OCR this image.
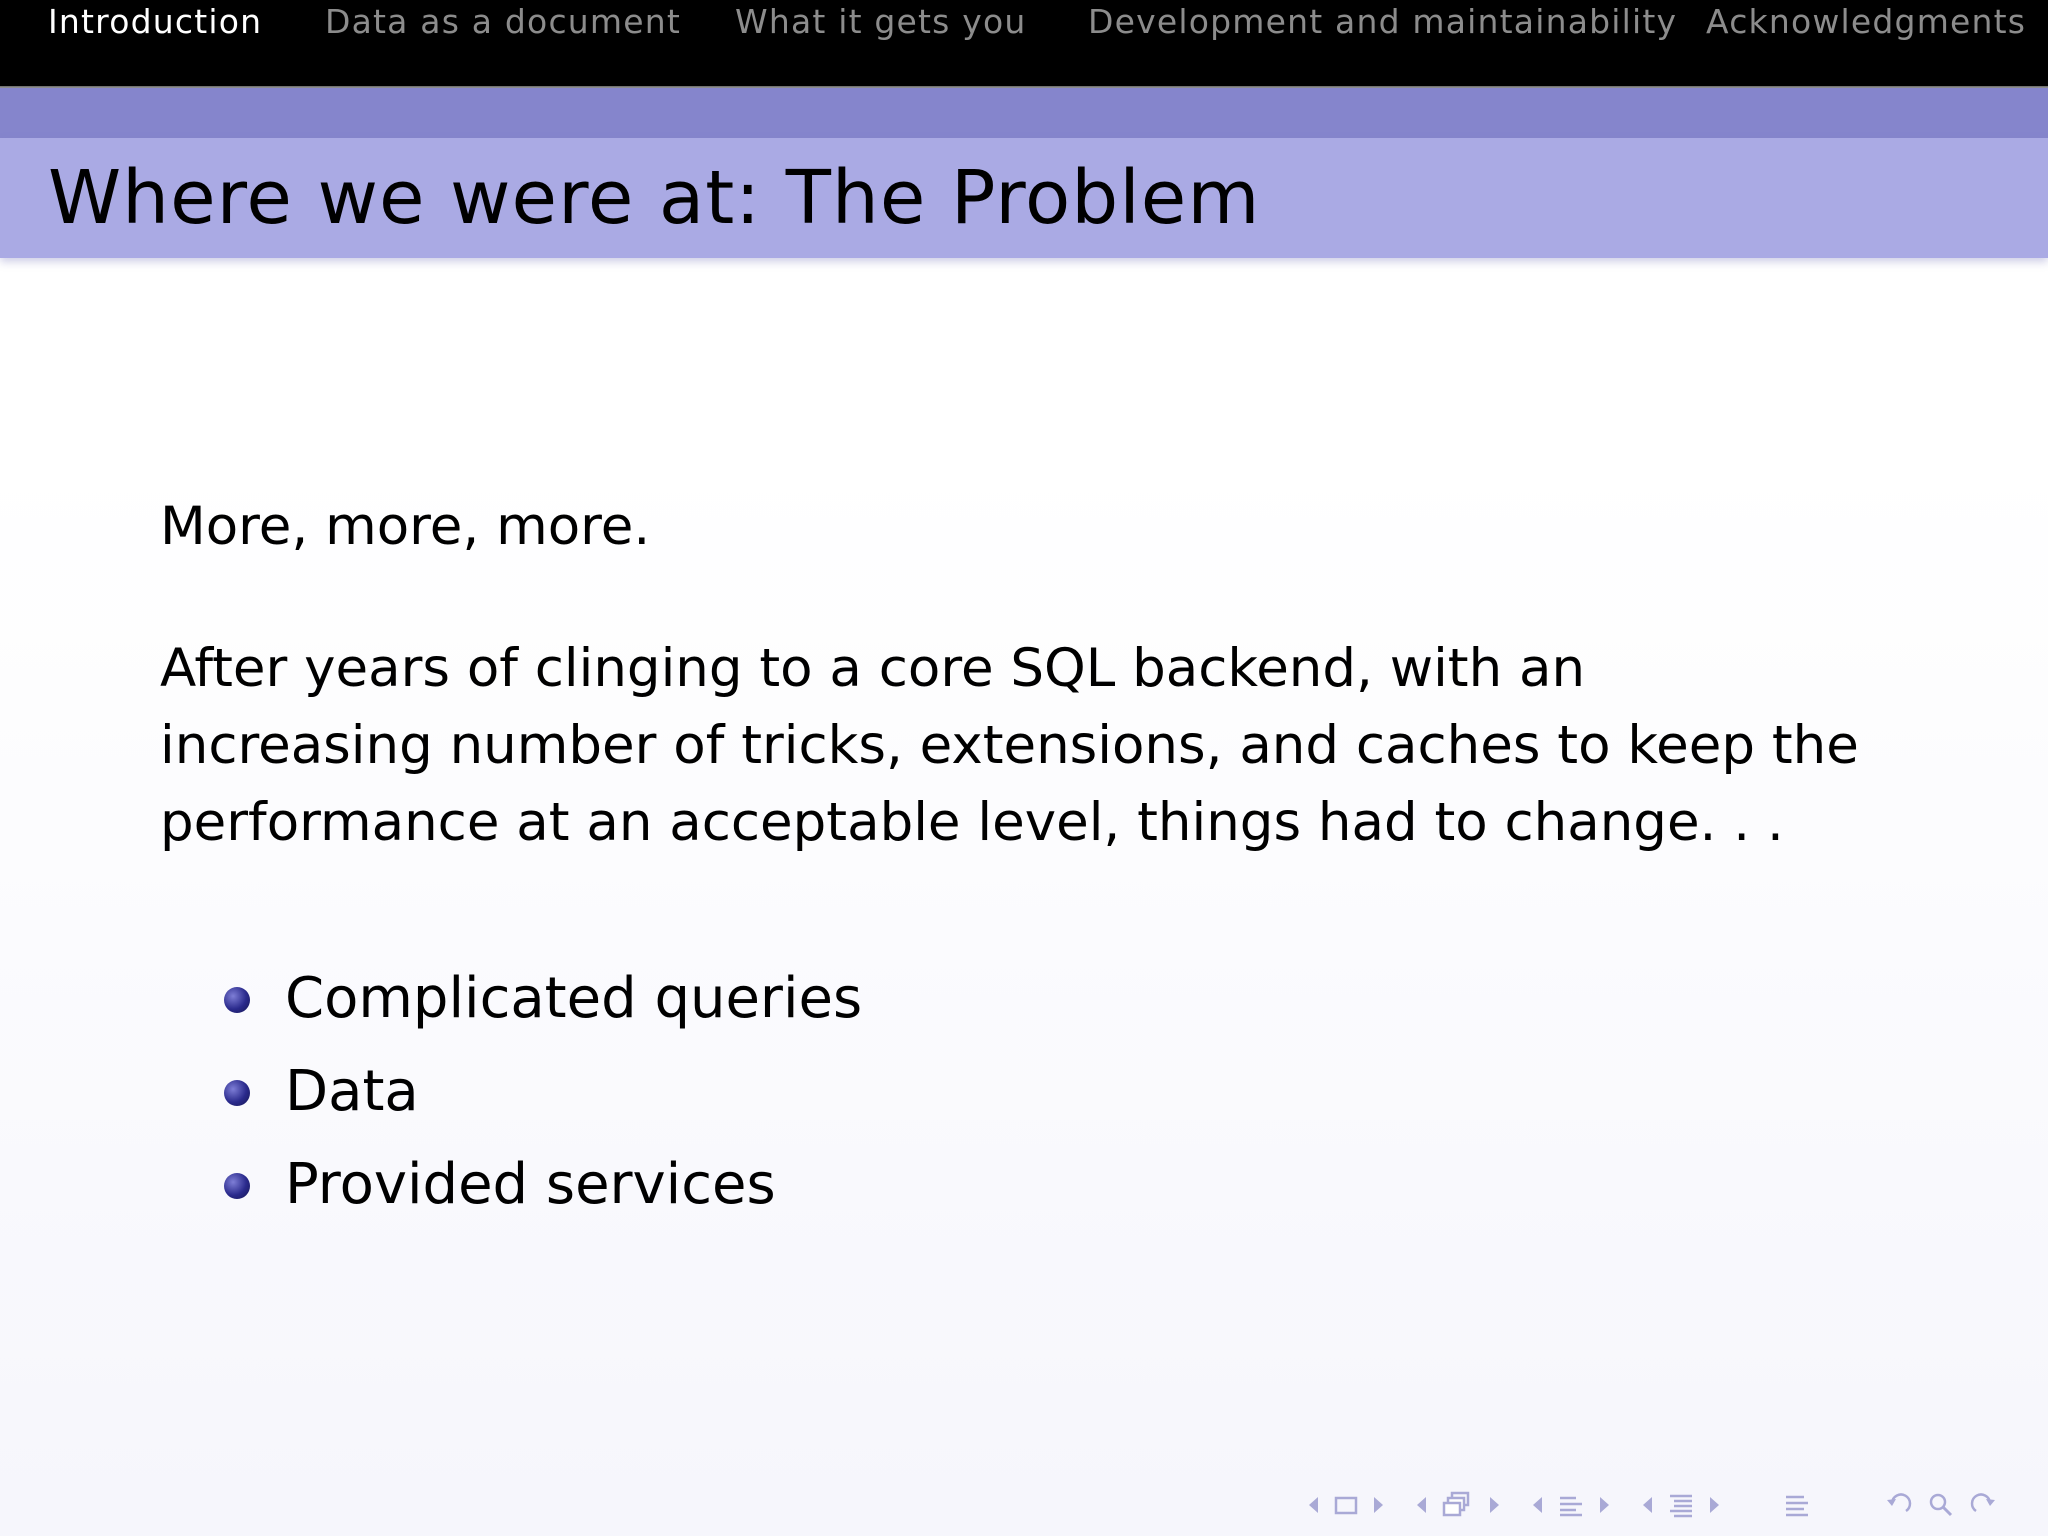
Introduction Data as a document What it gets you Development and maintainability Acknowledgments
Where we were at: The Problem
More, more, more.
After years of clinging to a core SQL backend, with an increasing number of tricks, extensions, and caches to keep the performance at an acceptable level, things had to change. . .
Complicated queries
Data
Provided services
